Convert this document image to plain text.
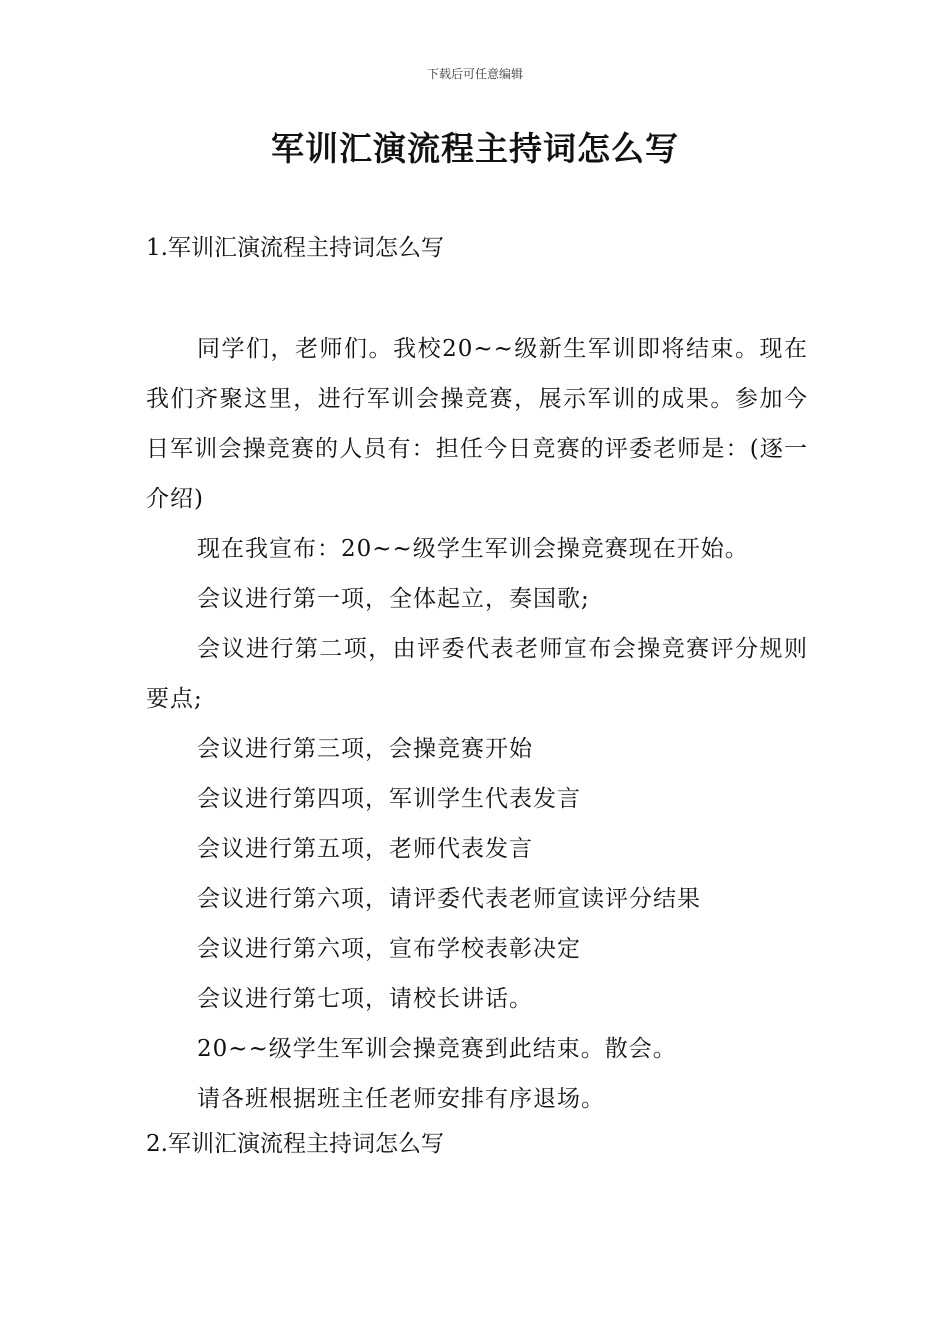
下载后可任意编辑
军训汇演流程主持词怎么写
1.军训汇演流程主持词怎么写

同学们，老师们。我校20~~级新生军训即将结束。现在我们齐聚这里，进行军训会操竞赛，展示军训的成果。参加今日军训会操竞赛的人员有：担任今日竞赛的评委老师是：(逐一介绍)

现在我宣布：20~~级学生军训会操竞赛现在开始。

会议进行第一项，全体起立，奏国歌;

会议进行第二项，由评委代表老师宣布会操竞赛评分规则要点;

会议进行第三项，会操竞赛开始

会议进行第四项，军训学生代表发言

会议进行第五项，老师代表发言

会议进行第六项，请评委代表老师宣读评分结果

会议进行第六项，宣布学校表彰决定

会议进行第七项，请校长讲话。

20~~级学生军训会操竞赛到此结束。散会。

请各班根据班主任老师安排有序退场。

2.军训汇演流程主持词怎么写
